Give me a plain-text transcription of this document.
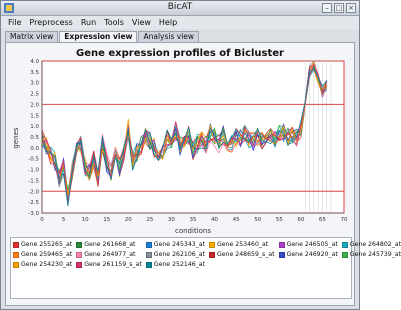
BicAT	– □ ×
File	Preprocess	Run	Tools	View	Help
Matrix view	Expression view	Analysis view
Gene expression profiles of Bicluster
-3.0
-2.5
-2.0
-1.5
-1.0
-0.5
0.0
0.5
1.0
1.5
2.0
2.5
3.0
3.5
4.0
0	5	10	15	20	25	30	35	40	45	50	55	60	65	70
genes
conditions
Gene 255265_at Gene 261668_at	Gene 245343_at Gene 253460_at	Gene 246505_at Gene 264802_at
Gene 259465_at Gene 264977_at	Gene 262106_at Gene 248659_s_at Gene 246920_at Gene 245739_at
Gene 254230_at Gene 261159_s_at Gene 252146_at
